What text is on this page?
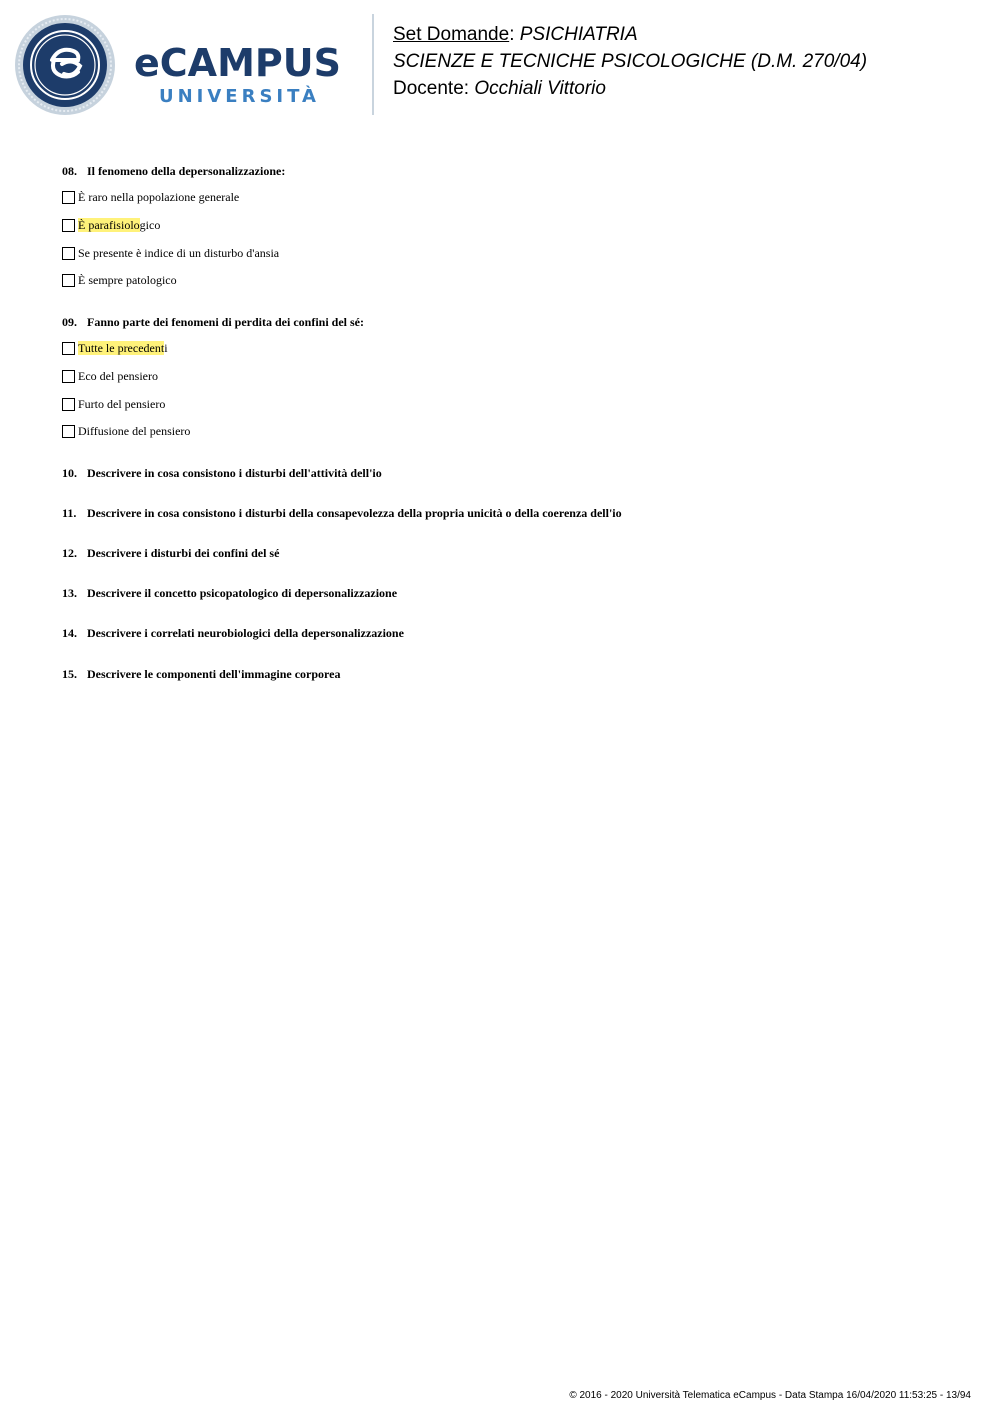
eCAMPUS
UNIVERSITÀ
Set Domande: PSICHIATRIA
SCIENZE E TECNICHE PSICOLOGICHE (D.M. 270/04)
Docente: Occhiali Vittorio
08. Il fenomeno della depersonalizzazione:
È raro nella popolazione generale
È parafisiologico
Se presente è indice di un disturbo d'ansia
È sempre patologico
09. Fanno parte dei fenomeni di perdita dei confini del sé:
Tutte le precedenti
Eco del pensiero
Furto del pensiero
Diffusione del pensiero
10. Descrivere in cosa consistono i disturbi dell'attività dell'io
11. Descrivere in cosa consistono i disturbi della consapevolezza della propria unicità o della coerenza dell'io
12. Descrivere i disturbi dei confini del sé
13. Descrivere il concetto psicopatologico di depersonalizzazione
14. Descrivere i correlati neurobiologici della depersonalizzazione
15. Descrivere le componenti dell'immagine corporea
© 2016 - 2020 Università Telematica eCampus - Data Stampa 16/04/2020 11:53:25 - 13/94
